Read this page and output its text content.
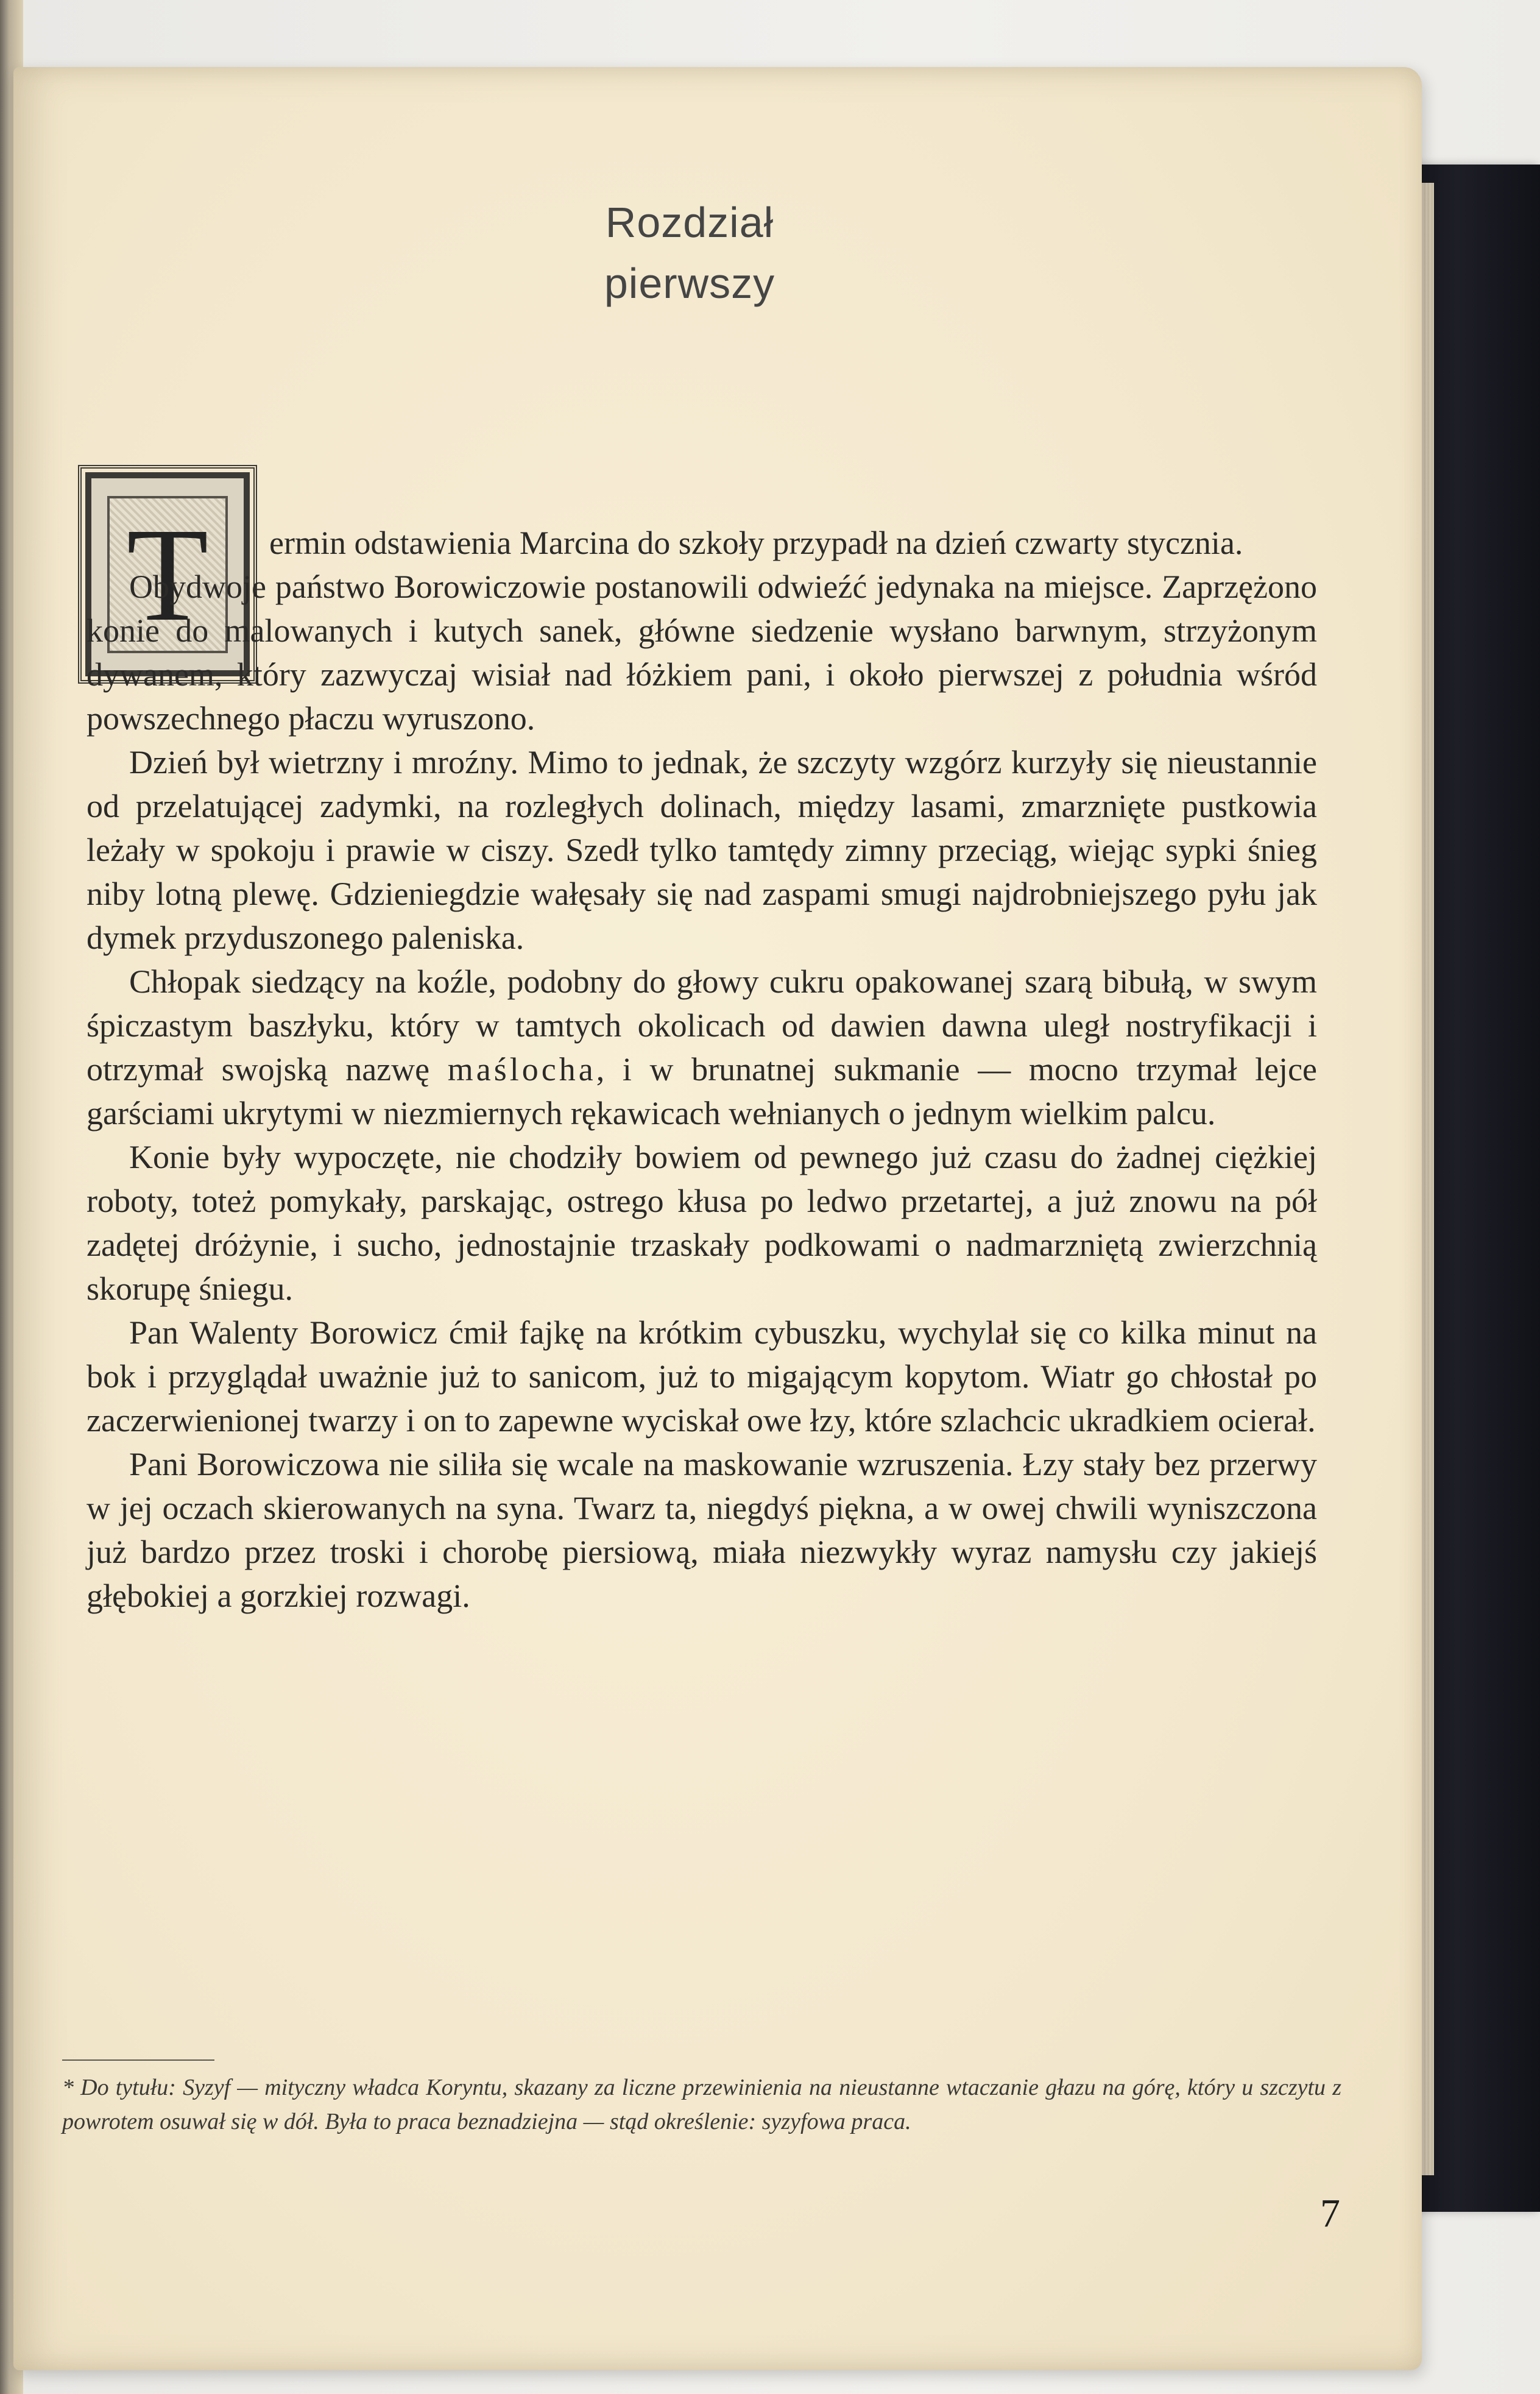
Rozdział
pierwszy
T	ermin odstawienia Marcina do szkoły przypadł na dzień czwarty stycznia.

Obydwoje państwo Borowiczowie postanowili odwieźć jedynaka na miejsce. Zaprzężono konie do malowanych i kutych sanek, główne siedzenie wysłano barwnym, strzyżonym dywanem, który zazwyczaj wisiał nad łóżkiem pani, i około pierwszej z południa wśród powszechnego płaczu wyruszono.

Dzień był wietrzny i mroźny. Mimo to jednak, że szczyty wzgórz kurzyły się nieustannie od przelatującej zadymki, na rozległych dolinach, między lasami, zmarznięte pustkowia leżały w spokoju i prawie w ciszy. Szedł tylko tamtędy zimny przeciąg, wiejąc sypki śnieg niby lotną plewę. Gdzieniegdzie wałęsały się nad zaspami smugi najdrobniejszego pyłu jak dymek przyduszonego paleniska.

Chłopak siedzący na koźle, podobny do głowy cukru opakowanej szarą bibułą, w swym śpiczastym baszłyku, który w tamtych okolicach od dawien dawna uległ nostryfikacji i otrzymał swojską nazwę maślocha, i w brunatnej sukmanie — mocno trzymał lejce garściami ukrytymi w niezmiernych rękawicach wełnianych o jednym wielkim palcu.

Konie były wypoczęte, nie chodziły bowiem od pewnego już czasu do żadnej ciężkiej roboty, toteż pomykały, parskając, ostrego kłusa po ledwo przetartej, a już znowu na pół zadętej dróżynie, i sucho, jednostajnie trzaskały podkowami o nadmarzniętą zwierzchnią skorupę śniegu.

Pan Walenty Borowicz ćmił fajkę na krótkim cybuszku, wychylał się co kilka minut na bok i przyglądał uważnie już to sanicom, już to migającym kopytom. Wiatr go chłostał po zaczerwienionej twarzy i on to zapewne wyciskał owe łzy, które szlachcic ukradkiem ocierał.

Pani Borowiczowa nie siliła się wcale na maskowanie wzruszenia. Łzy stały bez przerwy w jej oczach skierowanych na syna. Twarz ta, niegdyś piękna, a w owej chwili wyniszczona już bardzo przez troski i chorobę piersiową, miała niezwykły wyraz namysłu czy jakiejś głębokiej a gorzkiej rozwagi.

* Do tytułu: Syzyf — mityczny władca Koryntu, skazany za liczne przewinienia na nieustanne wtaczanie głazu na górę, który u szczytu z powrotem osuwał się w dół. Była to praca beznadziejna — stąd określenie: syzyfowa praca.
7
